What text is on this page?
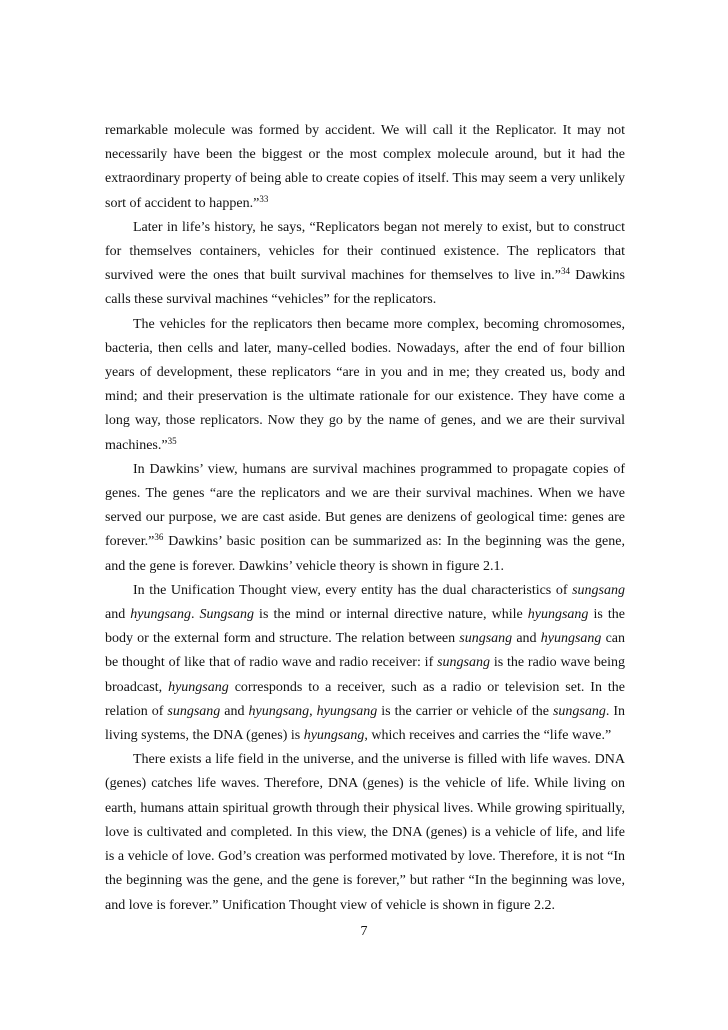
remarkable molecule was formed by accident. We will call it the Replicator. It may not necessarily have been the biggest or the most complex molecule around, but it had the extraordinary property of being able to create copies of itself. This may seem a very unlikely sort of accident to happen.”$^{33}$

Later in life’s history, he says, “Replicators began not merely to exist, but to construct for themselves containers, vehicles for their continued existence. The replicators that survived were the ones that built survival machines for themselves to live in.”$^{34}$ Dawkins calls these survival machines “vehicles” for the replicators.

The vehicles for the replicators then became more complex, becoming chromosomes, bacteria, then cells and later, many-celled bodies. Nowadays, after the end of four billion years of development, these replicators “are in you and in me; they created us, body and mind; and their preservation is the ultimate rationale for our existence. They have come a long way, those replicators. Now they go by the name of genes, and we are their survival machines.”$^{35}$

In Dawkins’ view, humans are survival machines programmed to propagate copies of genes. The genes “are the replicators and we are their survival machines. When we have served our purpose, we are cast aside. But genes are denizens of geological time: genes are forever.”$^{36}$ Dawkins’ basic position can be summarized as: In the beginning was the gene, and the gene is forever. Dawkins’ vehicle theory is shown in figure 2.1.

In the Unification Thought view, every entity has the dual characteristics of sungsang and hyungsang. Sungsang is the mind or internal directive nature, while hyungsang is the body or the external form and structure. The relation between sungsang and hyungsang can be thought of like that of radio wave and radio receiver: if sungsang is the radio wave being broadcast, hyungsang corresponds to a receiver, such as a radio or television set. In the relation of sungsang and hyungsang, hyungsang is the carrier or vehicle of the sungsang. In living systems, the DNA (genes) is hyungsang, which receives and carries the “life wave.”

There exists a life field in the universe, and the universe is filled with life waves. DNA (genes) catches life waves. Therefore, DNA (genes) is the vehicle of life. While living on earth, humans attain spiritual growth through their physical lives. While growing spiritually, love is cultivated and completed. In this view, the DNA (genes) is a vehicle of life, and life is a vehicle of love. God’s creation was performed motivated by love. Therefore, it is not “In the beginning was the gene, and the gene is forever,” but rather “In the beginning was love, and love is forever.” Unification Thought view of vehicle is shown in figure 2.2.

7
